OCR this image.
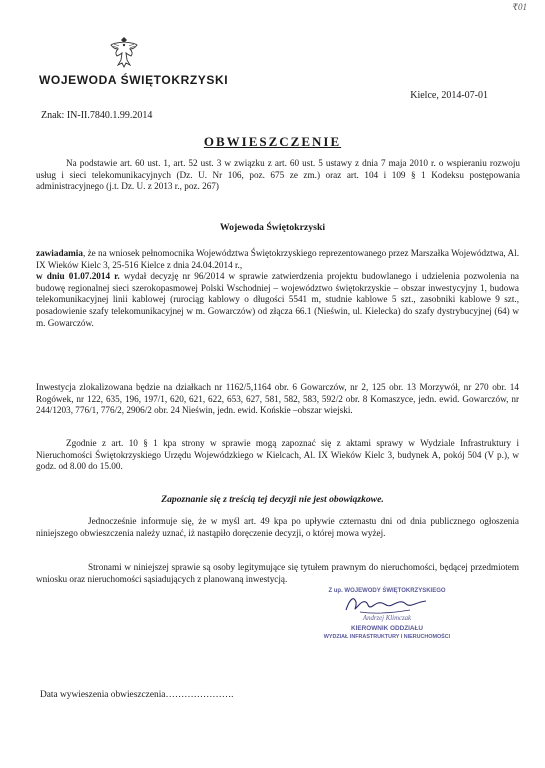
₹01
WOJEWODA ŚWIĘTOKRZYSKI
Kielce, 2014-07-01
Znak: IN-II.7840.1.99.2014
OBWIESZCZENIE
Na podstawie art. 60 ust. 1, art. 52 ust. 3 w związku z art. 60 ust. 5 ustawy z dnia 7 maja 2010 r. o wspieraniu rozwoju usług i sieci telekomunikacyjnych (Dz. U. Nr 106, poz. 675 ze zm.) oraz art. 104 i 109 § 1 Kodeksu postępowania administracyjnego (j.t. Dz. U. z 2013 r., poz. 267)
Wojewoda Świętokrzyski
zawiadamia, że na wniosek pełnomocnika Województwa Świętokrzyskiego reprezentowanego przez Marszałka Województwa, Al. IX Wieków Kielc 3, 25-516 Kielce z dnia 24.04.2014 r.,
w dniu 01.07.2014 r. wydał decyzję nr 96/2014 w sprawie zatwierdzenia projektu budowlanego i udzielenia pozwolenia na budowę regionalnej sieci szerokopasmowej Polski Wschodniej – województwo świętokrzyskie – obszar inwestycyjny 1, budowa telekomunikacyjnej linii kablowej (rurociąg kablowy o długości 5541 m, studnie kablowe 5 szt., zasobniki kablowe 9 szt., posadowienie szafy telekomunikacyjnej w m. Gowarczów) od złącza 66.1 (Nieświn, ul. Kielecka) do szafy dystrybucyjnej (64) w m. Gowarczów.
Inwestycja zlokalizowana będzie na działkach nr 1162/5,1164 obr. 6 Gowarczów, nr 2, 125 obr. 13 Morzywół, nr 270 obr. 14 Rogówek, nr 122, 635, 196, 197/1, 620, 621, 622, 653, 627, 581, 582, 583, 592/2 obr. 8 Komaszyce, jedn. ewid. Gowarczów, nr 244/1203, 776/1, 776/2, 2906/2 obr. 24 Nieświn, jedn. ewid. Końskie –obszar wiejski.
Zgodnie z art. 10 § 1 kpa strony w sprawie mogą zapoznać się z aktami sprawy w Wydziale Infrastruktury i Nieruchomości Świętokrzyskiego Urzędu Wojewódzkiego w Kielcach, Al. IX Wieków Kielc 3, budynek A, pokój 504 (V p.), w godz. od 8.00 do 15.00.
Zapoznanie się z treścią tej decyzji nie jest obowiązkowe.
Jednocześnie informuje się, że w myśl art. 49 kpa po upływie czternastu dni od dnia publicznego ogłoszenia niniejszego obwieszczenia należy uznać, iż nastąpiło doręczenie decyzji, o której mowa wyżej.
Stronami w niniejszej sprawie są osoby legitymujące się tytułem prawnym do nieruchomości, będącej przedmiotem wniosku oraz nieruchomości sąsiadujących z planowaną inwestycją.
Z up. WOJEWODY ŚWIĘTOKRZYSKIEGO
Andrzej Klimczak
KIEROWNIK ODDZIAŁU
WYDZIAŁ INFRASTRUKTURY I NIERUCHOMOŚCI
Data wywieszenia obwieszczenia………………….
